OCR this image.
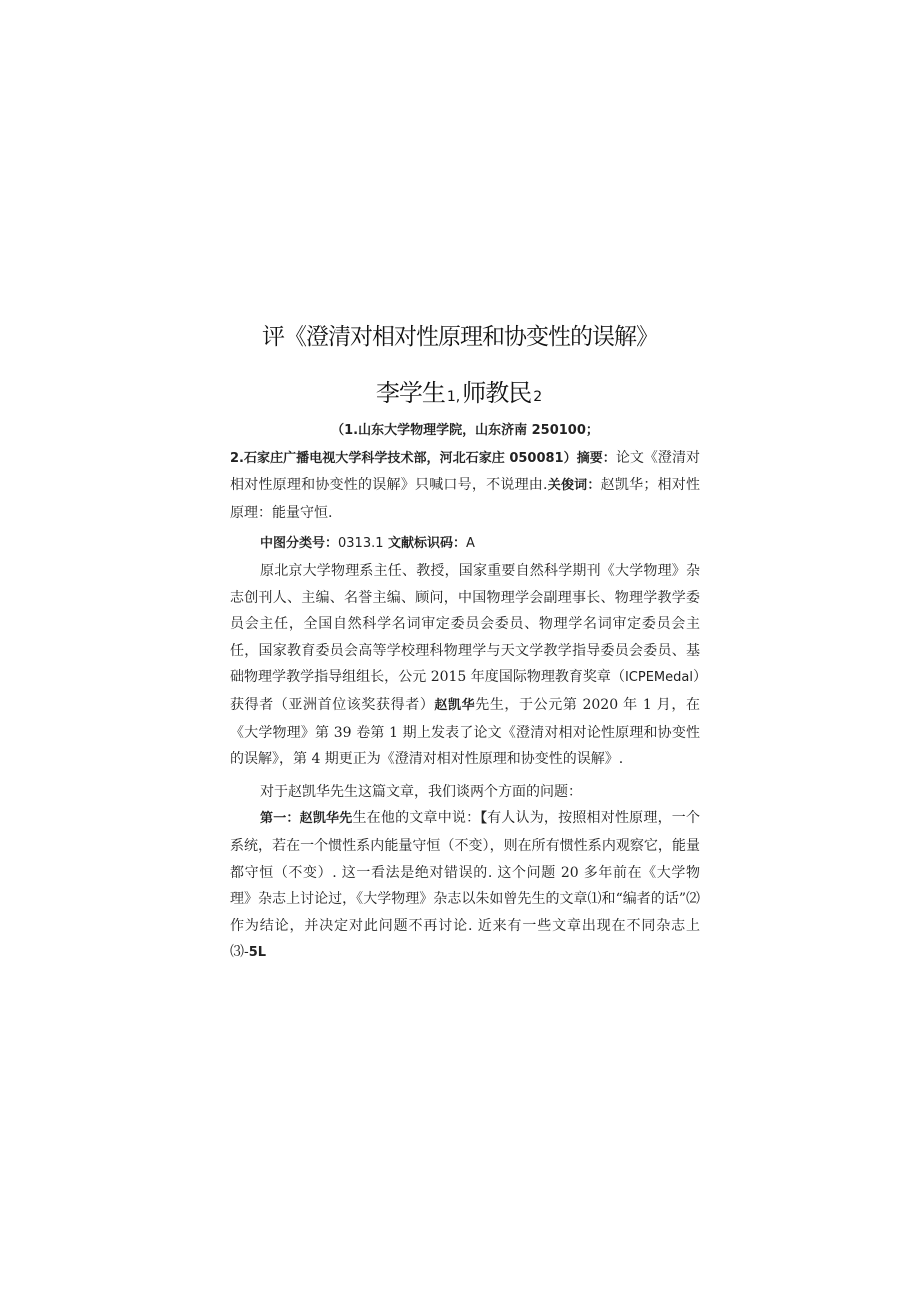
评《澄清对相对性原理和协变性的误解》
李学生 1,师教民 2

（1.山东大学物理学院，山东济南 250100；

2.石家庄广播电视大学科学技术部，河北石家庄 050081）摘要：论文《澄清对相对性原理和协变性的误解》只喊口号，不说理由.关俊词：赵凯华；相对性原理：能量守恒.

中图分类号：0313.1 文献标识码：A

原北京大学物理系主任、教授，国家重要自然科学期刊《大学物理》杂志创刊人、主编、名誉主编、顾问，中国物理学会副理事长、物理学教学委员会主任，全国自然科学名词审定委员会委员、物理学名词审定委员会主任，国家教育委员会高等学校理科物理学与天文学教学指导委员会委员、基础物理学教学指导组组长，公元 2015 年度国际物理教育奖章（ICPEMedal）获得者（亚洲首位该奖获得者）赵凯华先生，于公元第 2020 年 1 月，在《大学物理》第 39 卷第 1 期上发表了论文《澄清对相对论性原理和协变性的误解》，第 4 期更正为《澄清对相对性原理和协变性的误解》.

对于赵凯华先生这篇文章，我们谈两个方面的问题：

第一：赵凯华先生在他的文章中说：【有人认为，按照相对性原理，一个系统，若在一个惯性系内能量守恒（不变），则在所有惯性系内观察它，能量都守恒（不变）. 这一看法是绝对错误的. 这个问题 20 多年前在《大学物理》杂志上讨论过，《大学物理》杂志以朱如曾先生的文章⑴和“编者的话”⑵作为结论，并决定对此问题不再讨论. 近来有一些文章出现在不同杂志上⑶-5L
